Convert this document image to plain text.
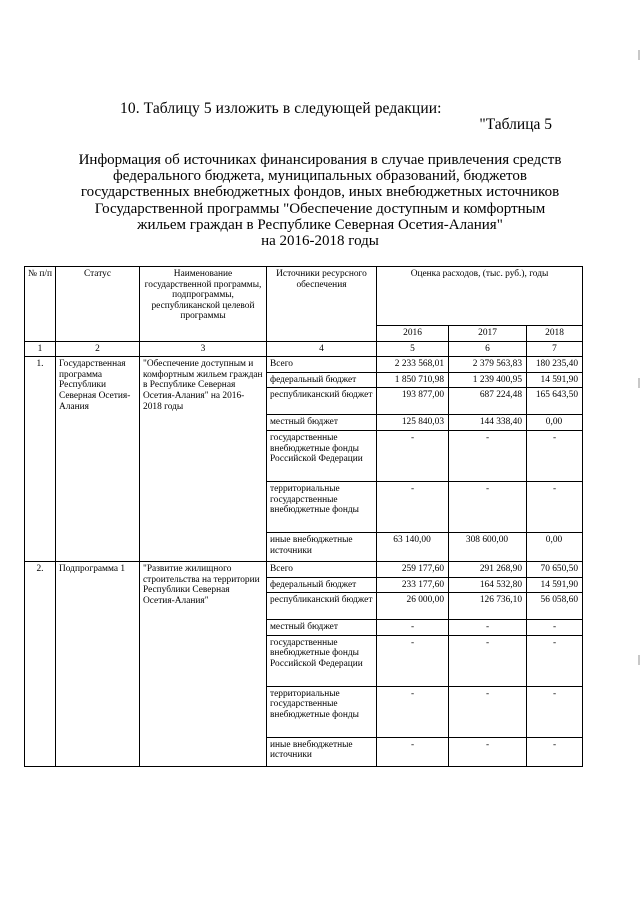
10. Таблицу 5 изложить в следующей редакции:
"Таблица 5
Информация об источниках финансирования в случае привлечения средств
федерального бюджета, муниципальных образований, бюджетов
государственных внебюджетных фондов, иных внебюджетных источников
Государственной программы "Обеспечение доступным и комфортным
жильем граждан в Республике Северная Осетия-Алания"
на 2016-2018 годы
№ п/п	Статус	Наименование государственной программы, подпрограммы, республиканской целевой программы	Источники ресурсного обеспечения	Оценка расходов, (тыс. руб.), годы		
				2016	2017	2018
1	2	3	4	5	6	7
1.	Государственная программа Республики Северная Осетия-Алания	"Обеспечение доступным и комфортным жильем граждан в Республике Северная Осетия-Алания" на 2016-2018 годы	Всего	2 233 568,01	2 379 563,83	180 235,40
			федеральный бюджет	1 850 710,98	1 239 400,95	14 591,90
			республиканский бюджет	193 877,00	687 224,48	165 643,50
			местный бюджет	125 840,03	144 338,40	0,00
			государственные внебюджетные фонды Российской Федерации	-	-	-
			территориальные государственные внебюджетные фонды	-	-	-
			иные внебюджетные источники	63 140,00	308 600,00	0,00
2.	Подпрограмма 1	"Развитие жилищного строительства на территории Республики Северная Осетия-Алания"	Всего	259 177,60	291 268,90	70 650,50
			федеральный бюджет	233 177,60	164 532,80	14 591,90
			республиканский бюджет	26 000,00	126 736,10	56 058,60
			местный бюджет	-	-	-
			государственные внебюджетные фонды Российской Федерации	-	-	-
			территориальные государственные внебюджетные фонды	-	-	-
			иные внебюджетные источники	-	-	-
